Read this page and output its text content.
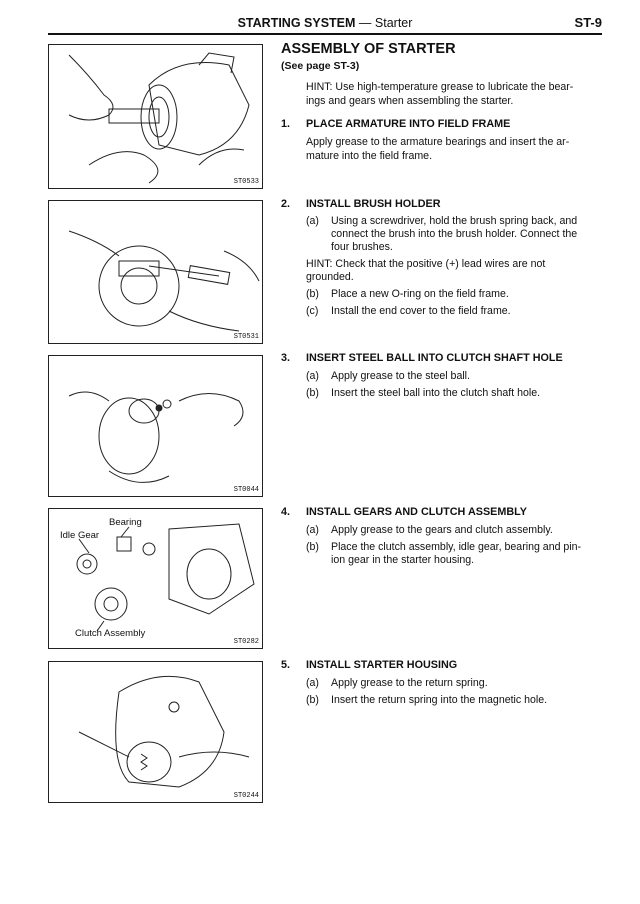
STARTING SYSTEM — Starter	ST-9
ST0533
ST0531
ST0044
Bearing
Idle Gear
Clutch Assembly
ST0282
ST0244
ASSEMBLY OF STARTER
(See page ST-3)
HINT: Use high-temperature grease to lubricate the bear-
ings and gears when assembling the starter.
1. PLACE ARMATURE INTO FIELD FRAME
Apply grease to the armature bearings and insert the ar-
mature into the field frame.
2. INSTALL BRUSH HOLDER
(a) Using a screwdriver, hold the brush spring back, and
connect the brush into the brush holder. Connect the
four brushes.
HINT: Check that the positive (+) lead wires are not
grounded.
(b) Place a new O-ring on the field frame.
(c) Install the end cover to the field frame.
3. INSERT STEEL BALL INTO CLUTCH SHAFT HOLE
(a) Apply grease to the steel ball.
(b) Insert the steel ball into the clutch shaft hole.
4. INSTALL GEARS AND CLUTCH ASSEMBLY
(a) Apply grease to the gears and clutch assembly.
(b) Place the clutch assembly, idle gear, bearing and pin-
ion gear in the starter housing.
5. INSTALL STARTER HOUSING
(a) Apply grease to the return spring.
(b) Insert the return spring into the magnetic hole.
